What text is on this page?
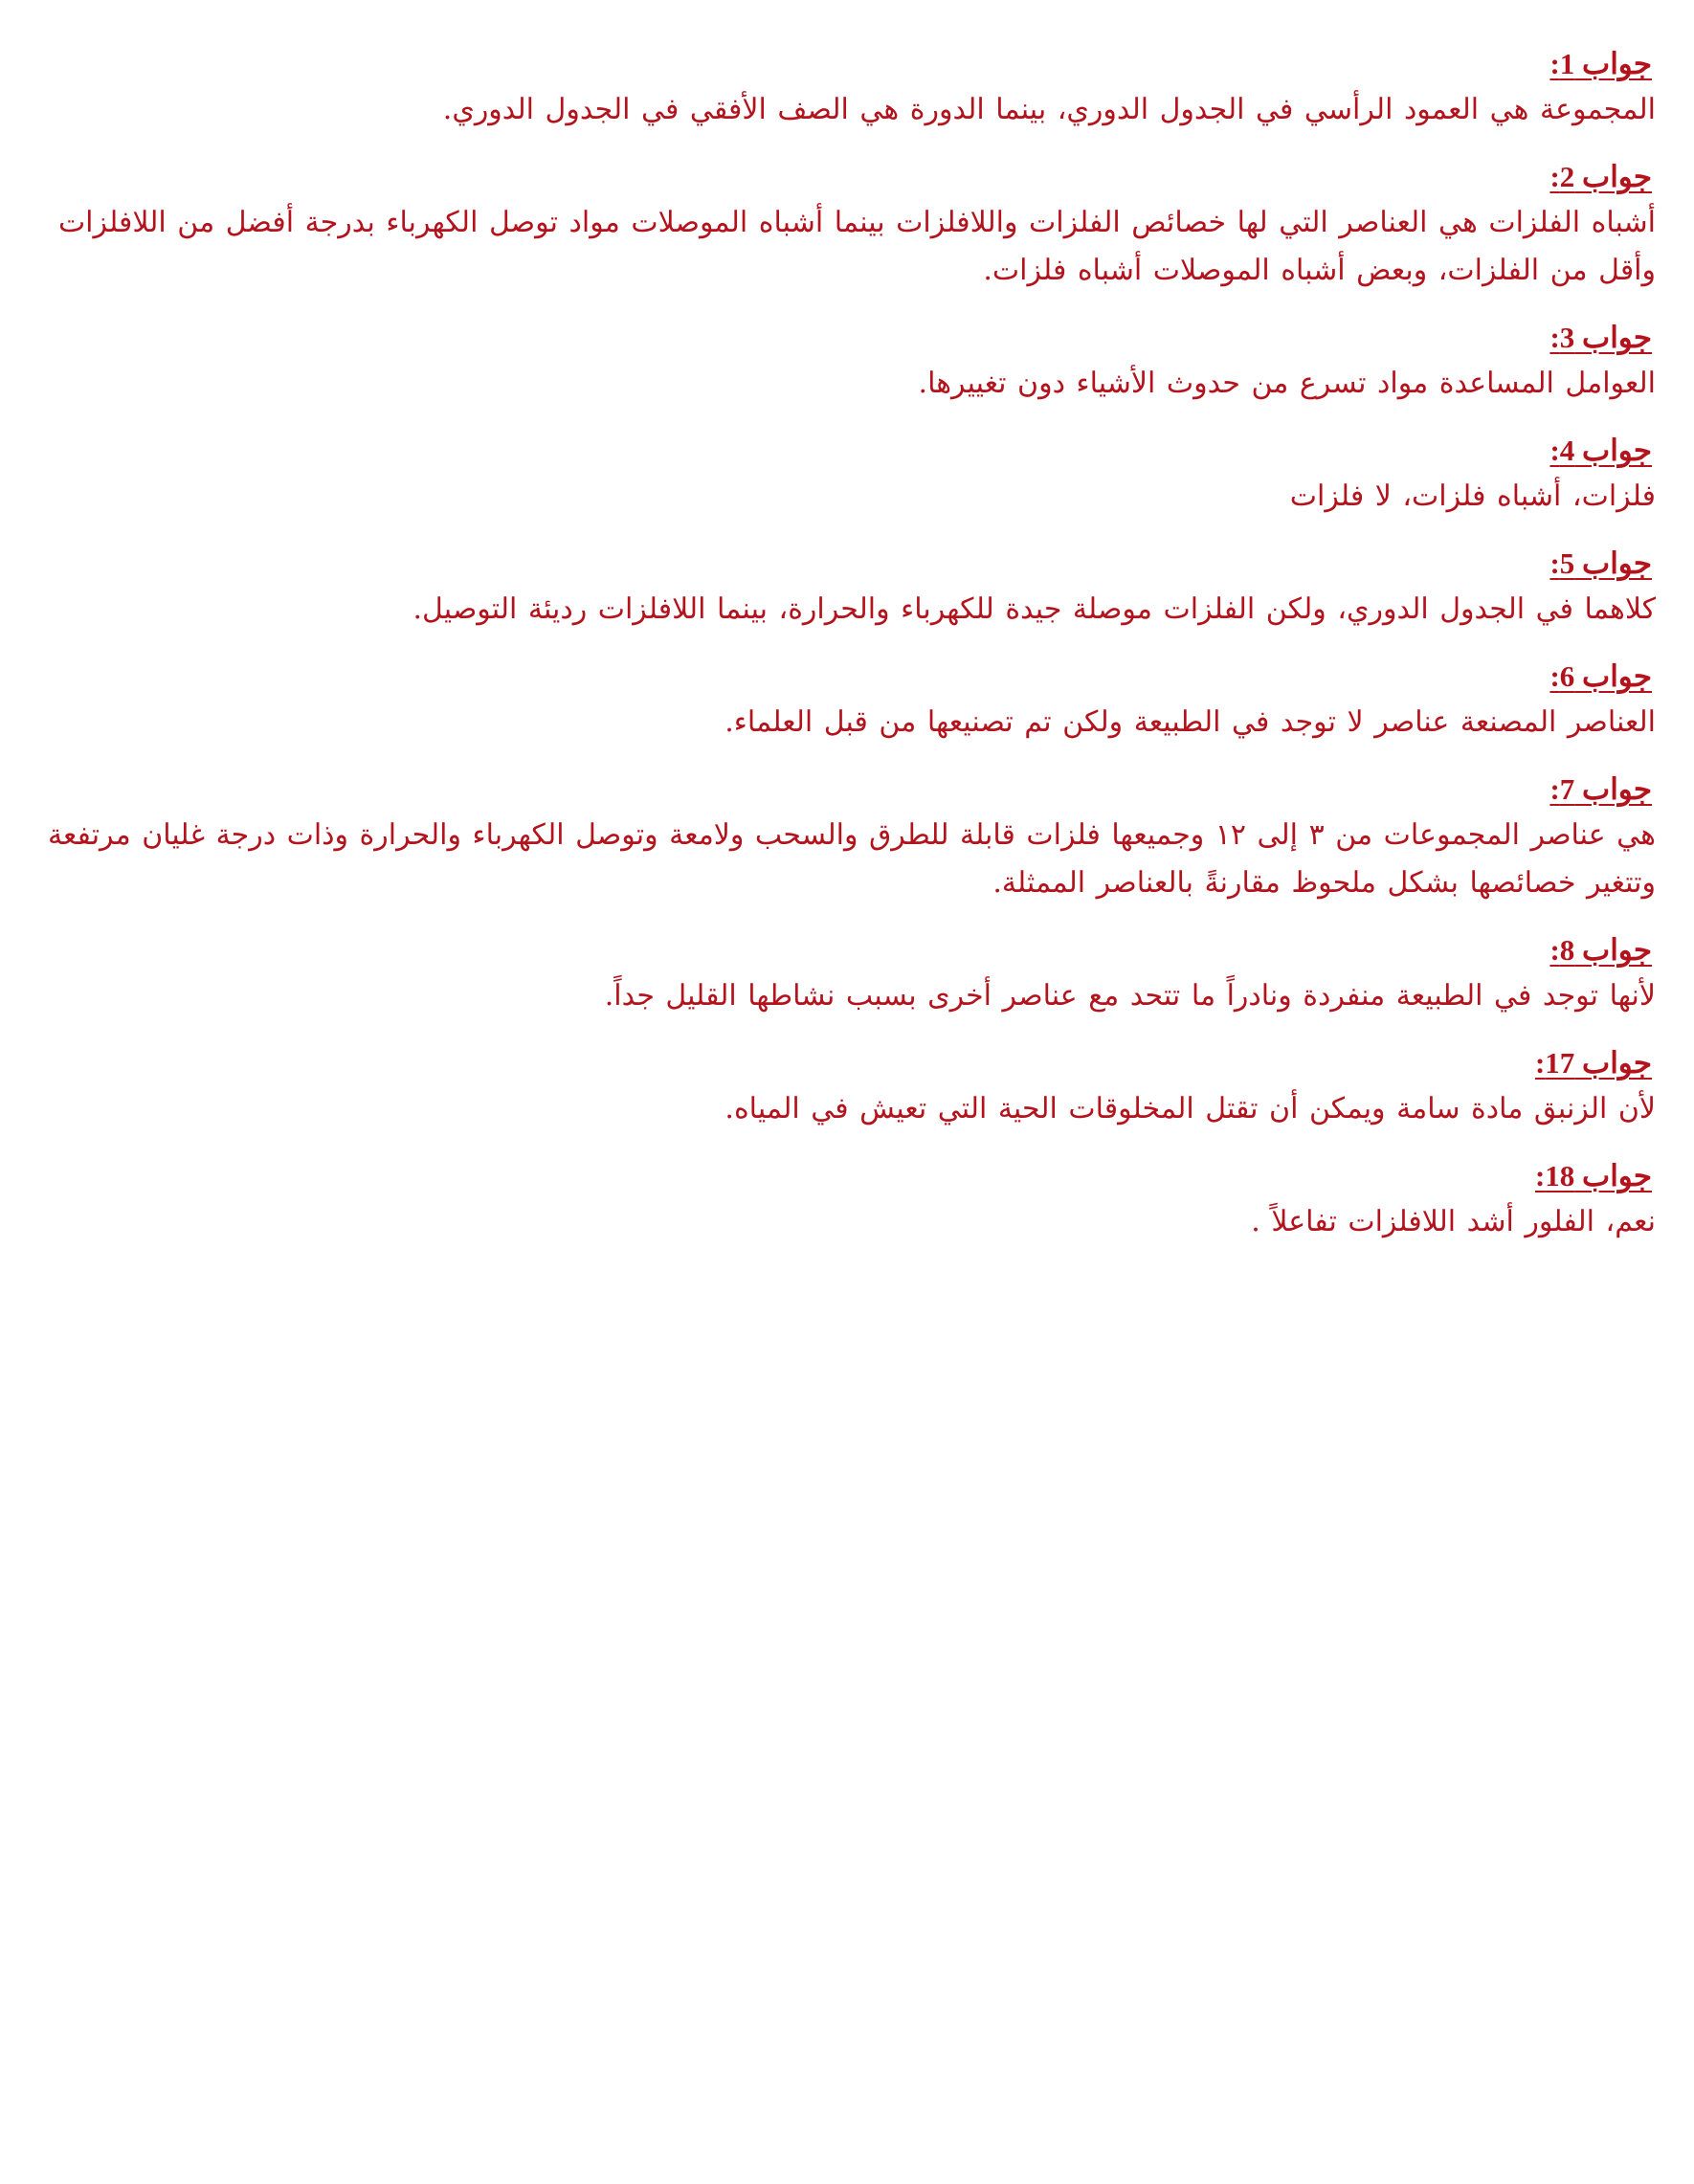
جواب 1:
المجموعة هي العمود الرأسي في الجدول الدوري، بينما الدورة هي الصف الأفقي في الجدول الدوري.
جواب 2:
أشباه الفلزات هي العناصر التي لها خصائص الفلزات واللافلزات بينما أشباه الموصلات مواد توصل الكهرباء بدرجة أفضل من اللافلزات وأقل من الفلزات، وبعض أشباه الموصلات أشباه فلزات.
جواب 3:
العوامل المساعدة مواد تسرع من حدوث الأشياء دون تغييرها.
جواب 4:
فلزات، أشباه فلزات، لا فلزات
جواب 5:
كلاهما في الجدول الدوري، ولكن الفلزات موصلة جيدة للكهرباء والحرارة، بينما اللافلزات رديئة التوصيل.
جواب 6:
العناصر المصنعة عناصر لا توجد في الطبيعة ولكن تم تصنيعها من قبل العلماء.
جواب 7:
هي عناصر المجموعات من ٣ إلى ١٢ وجميعها فلزات قابلة للطرق والسحب ولامعة وتوصل الكهرباء والحرارة وذات درجة غليان مرتفعة وتتغير خصائصها بشكل ملحوظ مقارنةً بالعناصر الممثلة.
جواب 8:
لأنها توجد في الطبيعة منفردة ونادراً ما تتحد مع عناصر أخرى بسبب نشاطها القليل جداً.
جواب 17:
لأن الزنبق مادة سامة ويمكن أن تقتل المخلوقات الحية التي تعيش في المياه.
جواب 18:
نعم، الفلور أشد اللافلزات تفاعلاً .
